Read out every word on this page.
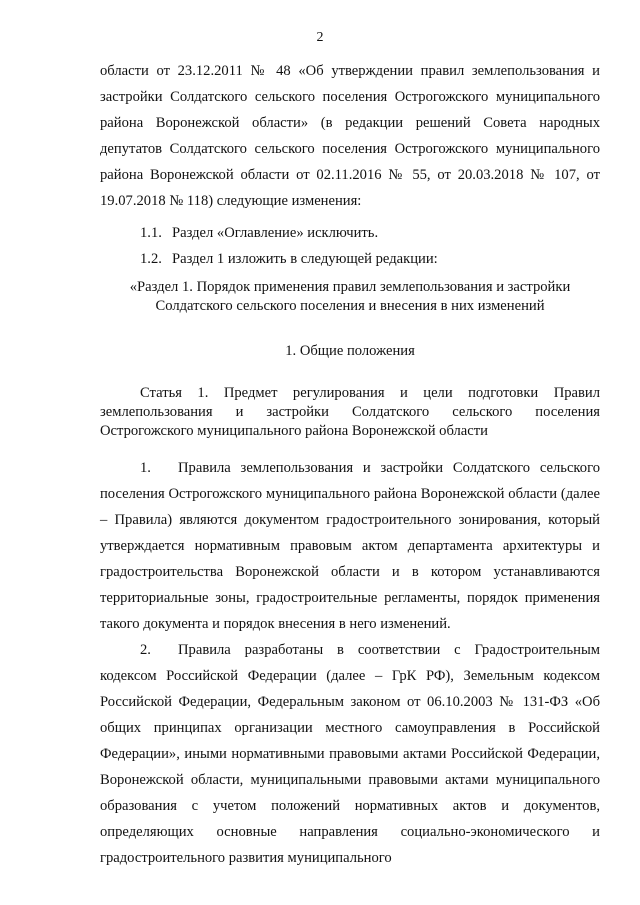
2

области от 23.12.2011 № 48 «Об утверждении правил землепользования и застройки Солдатского сельского поселения Острогожского муниципального района Воронежской области» (в редакции решений Совета народных депутатов Солдатского сельского поселения Острогожского муниципального района Воронежской области от 02.11.2016 № 55, от 20.03.2018 № 107, от 19.07.2018 № 118) следующие изменения:

1.1. Раздел «Оглавление» исключить.

1.2. Раздел 1 изложить в следующей редакции:

«Раздел 1. Порядок применения правил землепользования и застройки Солдатского сельского поселения и внесения в них изменений

1. Общие положения

Статья 1. Предмет регулирования и цели подготовки Правил землепользования и застройки Солдатского сельского поселения Острогожского муниципального района Воронежской области

1. Правила землепользования и застройки Солдатского сельского поселения Острогожского муниципального района Воронежской области (далее – Правила) являются документом градостроительного зонирования, который утверждается нормативным правовым актом департамента архитектуры и градостроительства Воронежской области и в котором устанавливаются территориальные зоны, градостроительные регламенты, порядок применения такого документа и порядок внесения в него изменений.

2. Правила разработаны в соответствии с Градостроительным кодексом Российской Федерации (далее – ГрК РФ), Земельным кодексом Российской Федерации, Федеральным законом от 06.10.2003 № 131-ФЗ «Об общих принципах организации местного самоуправления в Российской Федерации», иными нормативными правовыми актами Российской Федерации, Воронежской области, муниципальными правовыми актами муниципального образования с учетом положений нормативных актов и документов, определяющих основные направления социально-экономического и градостроительного развития муниципального
